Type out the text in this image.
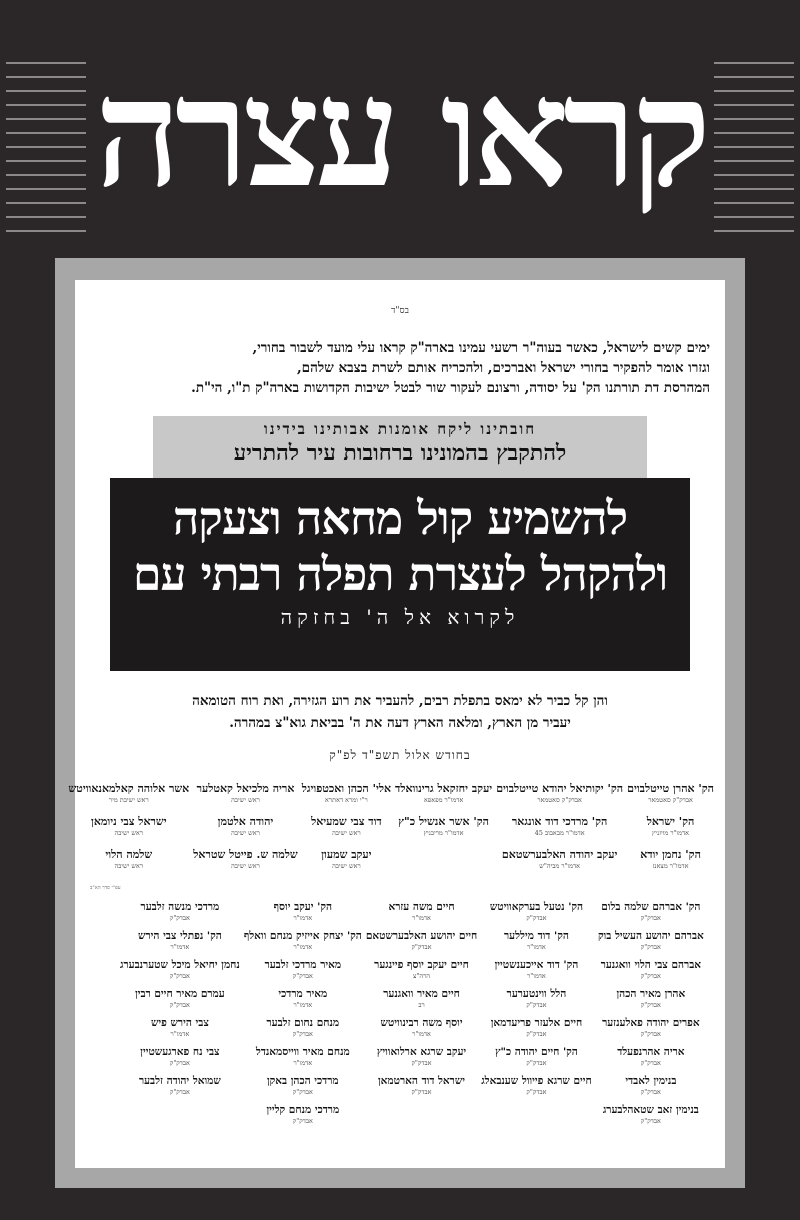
קראו עצרה
בס"ד
ימים קשים לישראל, כאשר בעוה"ר רשעי עמינו בארה"ק קראו עלי מועד לשבור בחורי,
וגזרו אומר להפקיר בחורי ישראל ואברכים, ולהכריח אותם לשרת בצבא שלהם,
המהרסת דת תורתנו הק' על יסודה, ורצונם לעקור שור לבטל ישיבות הקדושות בארה"ק ת"ו, הי"ת.
חובתינו ליקח אומנות אבותינו בידינו
להתקבץ בהמונינו ברחובות עיר להתריע
להשמיע קול מחאה וצעקה
ולהקהל לעצרת תפלה רבתי עם
לקרוא אל ה' בחזקה
והן קל כביר לא ימאס בתפלת רבים, להעביר את רוע הגזירה, ואת רוח הטומאה
יעביר מן הארץ, ומלאה הארץ דעה את ה' בביאת גוא"צ במהרה.
בחודש אלול תשפ"ד לפ"ק
הק' אהרן טייטלבוים
אבדק"ק סאטמאר
הק' יקותיאל יהודא טייטלבוים
אבדק"ק סאטמאר
יעקב יחזקאל גרינוואלד
אדמו"ר מפאפא
אלי' הכהן ואכטפויגל
ר"י ומרא דאתרא
אריה מלכיאל קאטלער
ראש ישיבה
אשר אלוהה קאלמאנאוויטש
ראש ישיבת מיר
הק' ישראל
אדמו"ר מויזניץ
הק' מרדכי דוד אונגאר
אדמו"ר מבאבוב 45
הק' אשר אנשיל כ"ץ
אדמו"ר מריבניץ
דוד צבי שמעיאל
ראש ישיבה
יהודה אלטמן
ראש ישיבה
ישראל צבי ניומאן
ראש ישיבה
הק' נחמן יודא
אדמו"ר מצאנז
יעקב יהודה האלבערשטאם
אדמו"ר מביה"ש
יעקב שמעון
ראש ישיבה
שלמה ש. פייטל שטראל
ראש ישיבה
שלמה הלוי
ראש ישיבה
עפ"י סדר הא"ב
הק' אברהם שלמה בלום
אבדק"ק
הק' נטעל בערקאוויטש
אבדק"ק
חיים משה עזרא
אדמו"ר
הק' יעקב יוסף
אדמו"ר
מרדכי מנשה זלבער
אבדק"ק
אברהם יהושע העשיל בוק
אבדק"ק
הק' דוד מיללער
אדמו"ר
חיים יהושע האלבערשטאם
אבדק"ק
הק' יצחק אייזיק מנחם וואלף
אדמו"ר
הק' נפתלי צבי הירש
אדמו"ר
אברהם צבי הלוי וואגנער
אבדק"ק
הק' דוד אייכענשטיין
אדמו"ר
חיים יעקב יוסף פיינגער
הרה"צ
מאיר מרדכי זלבער
אבדק"ק
נחמן יחיאל מיכל שטערנבערג
אבדק"ק
אהרן מאיר הכהן
אבדק"ק
הלל ווינטערער
אבדק"ק
חיים מאיר וואגנער
רב
מאיר מרדכי
אדמו"ר
עמרם מאיר חיים רבין
אבדק"ק
אפרים יהודה פאלענזער
אבדק"ק
חיים אלעזר פריעדמאן
אבדק"ק
יוסף משה רבינוויטש
אדמו"ר
מנחם נחום זלבער
אבדק"ק
צבי הירש פיש
אדמו"ר
אריה אהרנפעלד
אבדק"ק
הק' חיים יהודה כ"ץ
אבדק"ק
יעקב שרגא ארלואוויץ
אבדק"ק
מנחם מאיר ווייסמאנדל
אדמו"ר
צבי נח פארגעשטיין
אבדק"ק
בנימין לאבדי
אבדק"ק
חיים שרגא פייוול שענבאלג
אבדק"ק
ישראל דוד הארטמאן
אבדק"ק
מרדכי הכהן באקן
אבדק"ק
שמואל יהודה זלבער
אבדק"ק
בנימין זאב שטאהלבערג
אבדק"ק
מרדכי מנחם קליין
אבדק"ק
